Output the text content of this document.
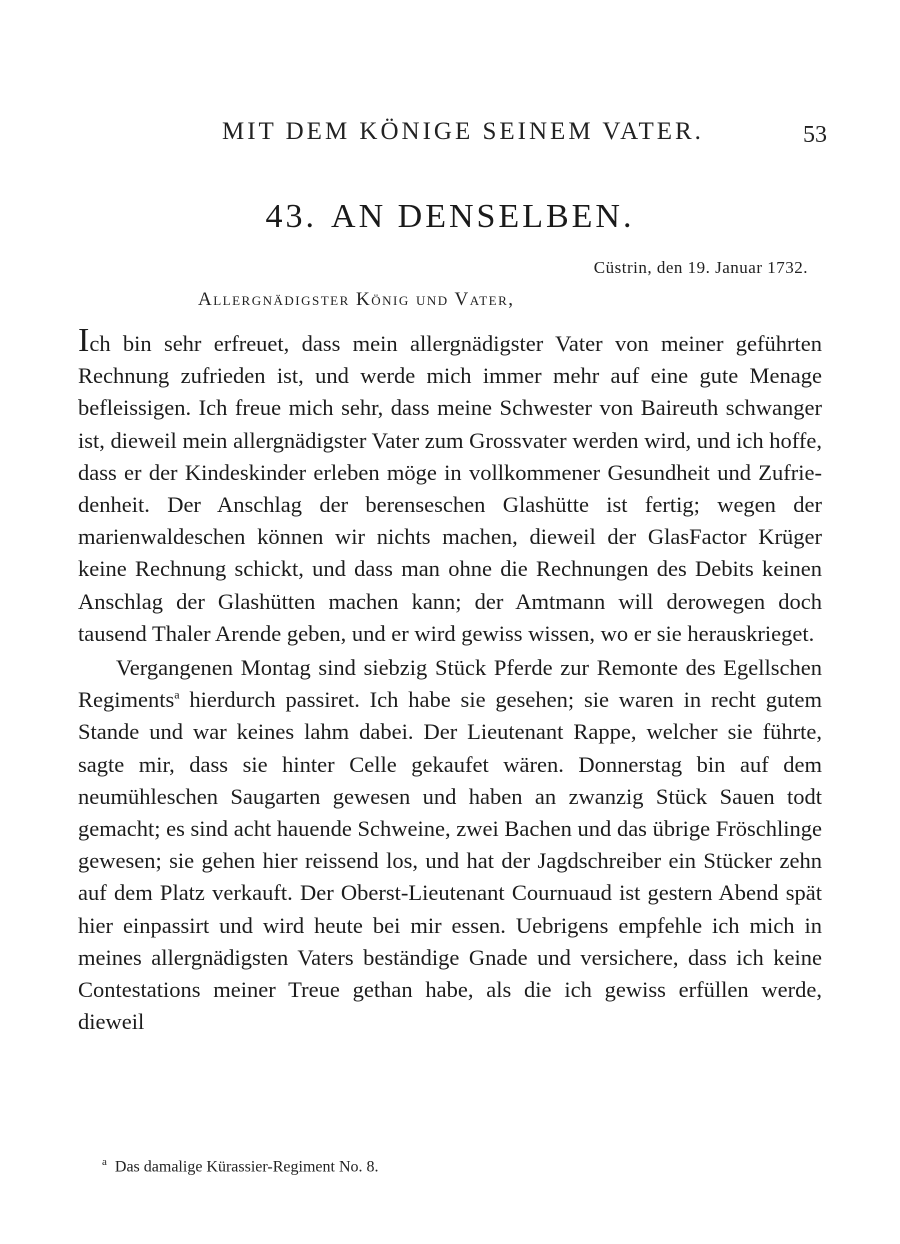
MIT DEM KÖNIGE SEINEM VATER.	53
43. AN DENSELBEN.
Cüstrin, den 19. Januar 1732.
Allergnädigster König und Vater,

Ich bin sehr erfreuet, dass mein allergnädigster Vater von meiner geführten Rechnung zufrieden ist, und werde mich immer mehr auf eine gute Menage befleissigen. Ich freue mich sehr, dass meine Schwester von Baireuth schwanger ist, dieweil mein allergnädigster Vater zum Grossvater werden wird, und ich hoffe, dass er der Kindeskinder erleben möge in vollkommener Gesundheit und Zufriedenheit. Der Anschlag der berenseschen Glashütte ist fertig; wegen der marienwaldeschen können wir nichts machen, dieweil der GlasFactor Krüger keine Rechnung schickt, und dass man ohne die Rechnungen des Debits keinen Anschlag der Glashütten machen kann; der Amtmann will derowegen doch tausend Thaler Arende geben, und er wird gewiss wissen, wo er sie herauskrieget.

Vergangenen Montag sind siebzig Stück Pferde zur Remonte des Egellschen Regiments$^a$ hierdurch passiret. Ich habe sie gesehen; sie waren in recht gutem Stande und war keines lahm dabei. Der Lieutenant Rappe, welcher sie führte, sagte mir, dass sie hinter Celle gekaufet wären. Donnerstag bin auf dem neumühleschen Saugarten gewesen und haben an zwanzig Stück Sauen todt gemacht; es sind acht hauende Schweine, zwei Bachen und das übrige Fröschlinge gewesen; sie gehen hier reissend los, und hat der Jagdschreiber ein Stücker zehn auf dem Platz verkauft. Der Oberst-Lieutenant Cournuaud ist gestern Abend spät hier einpassirt und wird heute bei mir essen. Uebrigens empfehle ich mich in meines allergnädigsten Vaters beständige Gnade und versichere, dass ich keine Contestations meiner Treue gethan habe, als die ich gewiss erfüllen werde, dieweil

$^a$ Das damalige Kürassier-Regiment No. 8.
